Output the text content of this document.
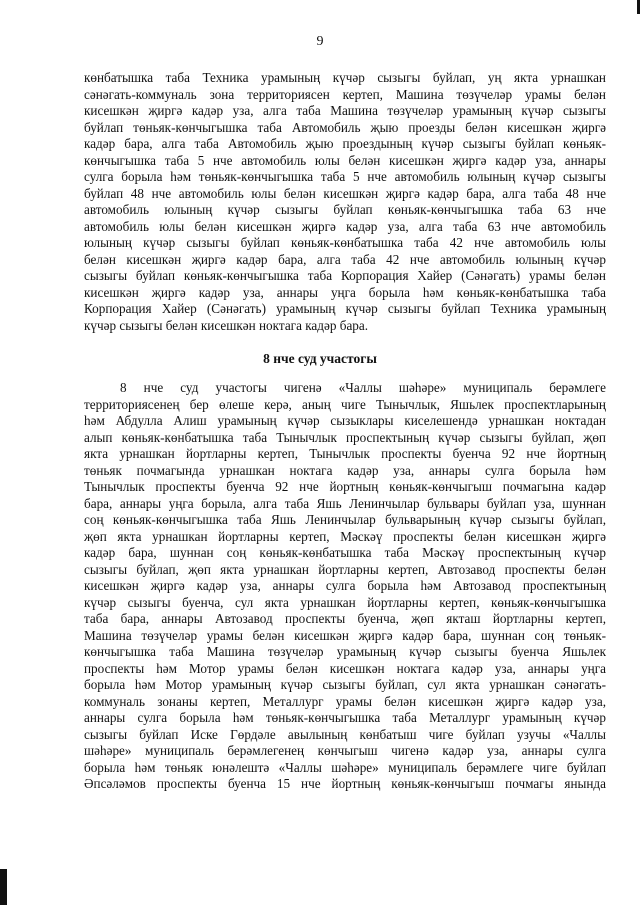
9
көнбатышка таба Техника урамының күчәр сызыгы буйлап, уң якта урнашкан
сәнәгать-коммуналь зона территориясен кертеп, Машина төзүчеләр урамы белән
кисешкән җиргә кадәр уза, алга таба Машина төзүчеләр урамының күчәр сызыгы
буйлап төньяк-көнчыгышка таба Автомобиль җыю проезды белән кисешкән җиргә
кадәр бара, алга таба Автомобиль җыю проездының күчәр сызыгы буйлап көньяк-
көнчыгышка таба 5 нче автомобиль юлы белән кисешкән җиргә кадәр уза, аннары
сулга борыла һәм төньяк-көнчыгышка таба 5 нче автомобиль юлының күчәр сызыгы
буйлап 48 нче автомобиль юлы белән кисешкән җиргә кадәр бара, алга таба 48 нче
автомобиль юлының күчәр сызыгы буйлап көньяк-көнчыгышка таба 63 нче
автомобиль юлы белән кисешкән җиргә кадәр уза, алга таба 63 нче автомобиль
юлының күчәр сызыгы буйлап көньяк-көнбатышка таба 42 нче автомобиль юлы
белән кисешкән җиргә кадәр бара, алга таба 42 нче автомобиль юлының күчәр
сызыгы буйлап көньяк-көнчыгышка таба Корпорация Хайер (Сәнәгать) урамы белән
кисешкән җиргә кадәр уза, аннары уңга борыла һәм көньяк-көнбатышка таба
Корпорация Хайер (Сәнәгать) урамының күчәр сызыгы буйлап Техника урамының
күчәр сызыгы белән кисешкән ноктага кадәр бара.
8 нче суд участогы
8 нче суд участогы чигенә «Чаллы шәһәре» муниципаль берәмлеге
территориясенең бер өлеше керә, аның чиге Тынычлык, Яшьлек проспектларының
һәм Абдулла Алиш урамының күчәр сызыклары киселешендә урнашкан ноктадан
алып көньяк-көнбатышка таба Тынычлык проспектының күчәр сызыгы буйлап, җөп
якта урнашкан йортларны кертеп, Тынычлык проспекты буенча 92 нче йортның
төньяк почмагында урнашкан ноктага кадәр уза, аннары сулга борыла һәм
Тынычлык проспекты буенча 92 нче йортның көньяк-көнчыгыш почмагына кадәр
бара, аннары уңга борыла, алга таба Яшь Ленинчылар бульвары буйлап уза, шуннан
соң көньяк-көнчыгышка таба Яшь Ленинчылар бульварының күчәр сызыгы буйлап,
җөп якта урнашкан йортларны кертеп, Мәскәү проспекты белән кисешкән җиргә
кадәр бара, шуннан соң көньяк-көнбатышка таба Мәскәү проспектының күчәр
сызыгы буйлап, җөп якта урнашкан йортларны кертеп, Автозавод проспекты белән
кисешкән җиргә кадәр уза, аннары сулга борыла һәм Автозавод проспектының
күчәр сызыгы буенча, сул якта урнашкан йортларны кертеп, көньяк-көнчыгышка
таба бара, аннары Автозавод проспекты буенча, җөп якташ йортларны кертеп,
Машина төзүчеләр урамы белән кисешкән җиргә кадәр бара, шуннан соң төньяк-
көнчыгышка таба Машина төзүчеләр урамының күчәр сызыгы буенча Яшьлек
проспекты һәм Мотор урамы белән кисешкән ноктага кадәр уза, аннары уңга
борыла һәм Мотор урамының күчәр сызыгы буйлап, сул якта урнашкан сәнәгать-
коммуналь зонаны кертеп, Металлург урамы белән кисешкән җиргә кадәр уза,
аннары сулга борыла һәм төньяк-көнчыгышка таба Металлург урамының күчәр
сызыгы буйлап Иске Гөрдәле авылының көнбатыш чиге буйлап узучы «Чаллы
шәһәре» муниципаль берәмлегенең көнчыгыш чигенә кадәр уза, аннары сулга
борыла һәм төньяк юнәлештә «Чаллы шәһәре» муниципаль берәмлеге чиге буйлап
Әпсәләмов проспекты буенча 15 нче йортның көньяк-көнчыгыш почмагы янында
